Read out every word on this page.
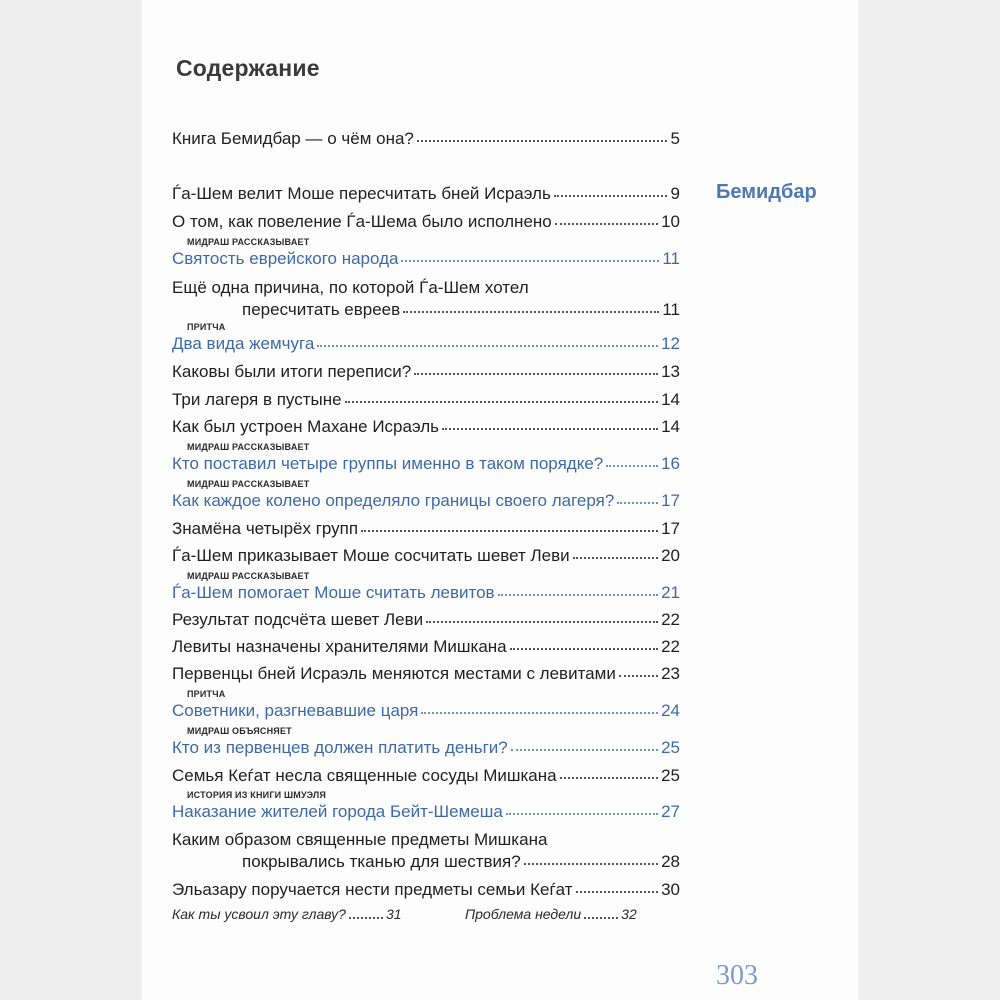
Содержание
Книга Бемидбар — о чём она?	5
Ѓа-Шем велит Моше пересчитать бней Исраэль	9
О том, как повеление Ѓа-Шема было исполнено	10
МИДРАШ РАССКАЗЫВАЕТ
Святость еврейского народа	11
Ещё одна причина, по которой Ѓа-Шем хотел
пересчитать евреев	11
ПРИТЧА
Два вида жемчуга	12
Каковы были итоги переписи?	13
Три лагеря в пустыне	14
Как был устроен Махане Исраэль	14
МИДРАШ РАССКАЗЫВАЕТ
Кто поставил четыре группы именно в таком порядке?	16
МИДРАШ РАССКАЗЫВАЕТ
Как каждое колено определяло границы своего лагеря?	17
Знамёна четырёх групп	17
Ѓа-Шем приказывает Моше сосчитать шевет Леви	20
МИДРАШ РАССКАЗЫВАЕТ
Ѓа-Шем помогает Моше считать левитов	21
Результат подсчёта шевет Леви	22
Левиты назначены хранителями Мишкана	22
Первенцы бней Исраэль меняются местами с левитами	23
ПРИТЧА
Советники, разгневавшие царя	24
МИДРАШ ОБЪЯСНЯЕТ
Кто из первенцев должен платить деньги?	25
Семья Кеѓат несла священные сосуды Мишкана	25
ИСТОРИЯ ИЗ КНИГИ ШМУЭЛЯ
Наказание жителей города Бейт-Шемеша	27
Каким образом священные предметы Мишкана
покрывались тканью для шествия?	28
Эльазару поручается нести предметы семьи Кеѓат	30
Как ты усвоил эту главу?	31	Проблема недели	32
Бемидбар
303
